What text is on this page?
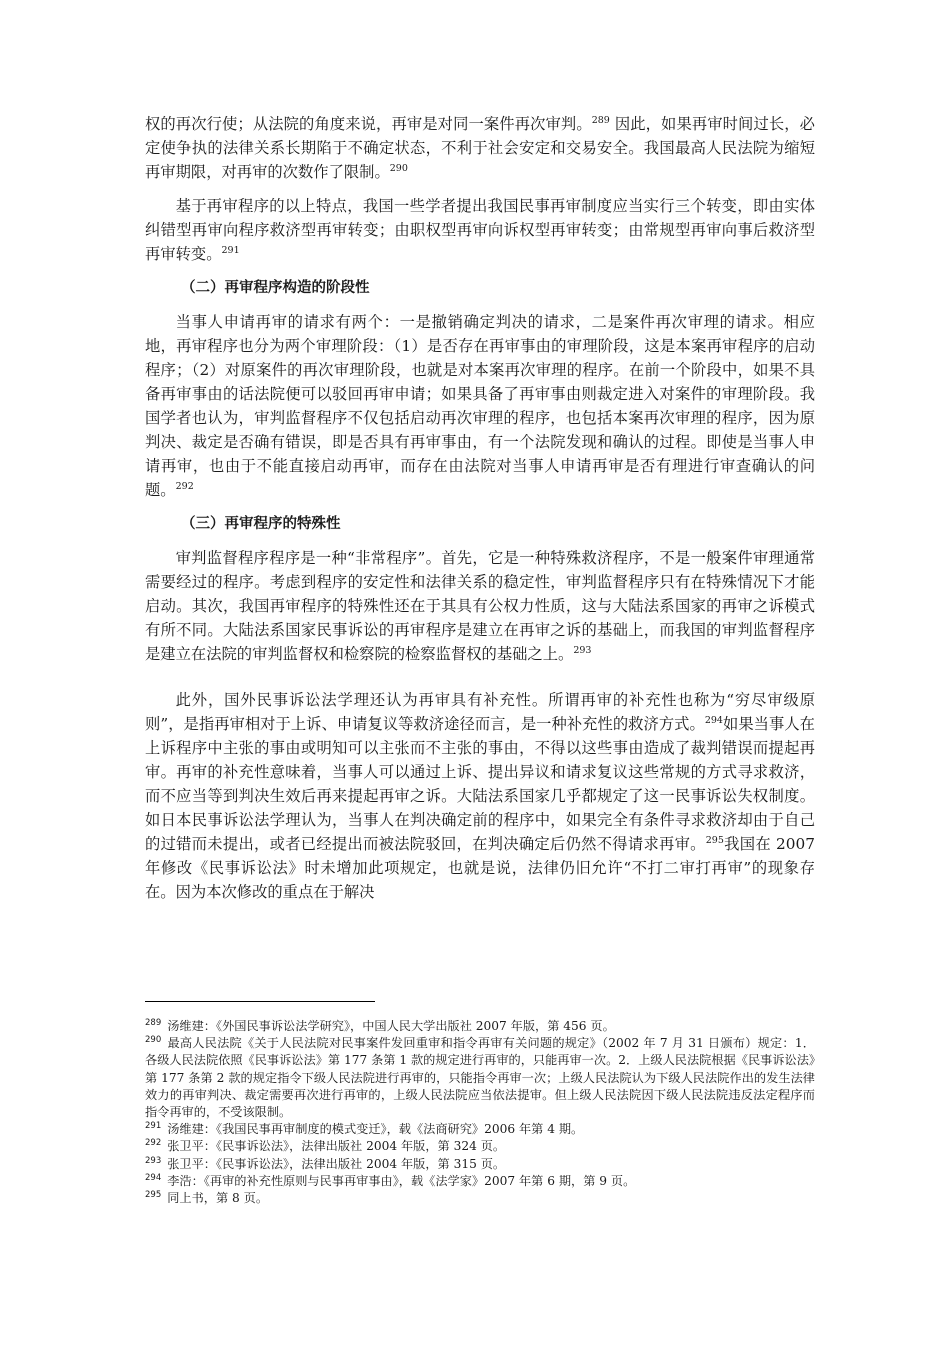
权的再次行使；从法院的角度来说，再审是对同一案件再次审判。$^{289}$ 因此，如果再审时间过长，必定使争执的法律关系长期陷于不确定状态，不利于社会安定和交易安全。我国最高人民法院为缩短再审期限，对再审的次数作了限制。$^{290}$

基于再审程序的以上特点，我国一些学者提出我国民事再审制度应当实行三个转变，即由实体纠错型再审向程序救济型再审转变；由职权型再审向诉权型再审转变；由常规型再审向事后救济型再审转变。$^{291}$

（二）再审程序构造的阶段性

当事人申请再审的请求有两个：一是撤销确定判决的请求，二是案件再次审理的请求。相应地，再审程序也分为两个审理阶段：（1）是否存在再审事由的审理阶段，这是本案再审程序的启动程序；（2）对原案件的再次审理阶段，也就是对本案再次审理的程序。在前一个阶段中，如果不具备再审事由的话法院便可以驳回再审申请；如果具备了再审事由则裁定进入对案件的审理阶段。我国学者也认为，审判监督程序不仅包括启动再次审理的程序，也包括本案再次审理的程序，因为原判决、裁定是否确有错误，即是否具有再审事由，有一个法院发现和确认的过程。即使是当事人申请再审，也由于不能直接启动再审，而存在由法院对当事人申请再审是否有理进行审查确认的问题。$^{292}$

（三）再审程序的特殊性

审判监督程序程序是一种“非常程序”。首先，它是一种特殊救济程序，不是一般案件审理通常需要经过的程序。考虑到程序的安定性和法律关系的稳定性，审判监督程序只有在特殊情况下才能启动。其次，我国再审程序的特殊性还在于其具有公权力性质，这与大陆法系国家的再审之诉模式有所不同。大陆法系国家民事诉讼的再审程序是建立在再审之诉的基础上，而我国的审判监督程序是建立在法院的审判监督权和检察院的检察监督权的基础之上。$^{293}$

此外，国外民事诉讼法学理还认为再审具有补充性。所谓再审的补充性也称为“穷尽审级原则”，是指再审相对于上诉、申请复议等救济途径而言，是一种补充性的救济方式。$^{294}$如果当事人在上诉程序中主张的事由或明知可以主张而不主张的事由，不得以这些事由造成了裁判错误而提起再审。再审的补充性意味着，当事人可以通过上诉、提出异议和请求复议这些常规的方式寻求救济，而不应当等到判决生效后再来提起再审之诉。大陆法系国家几乎都规定了这一民事诉讼失权制度。如日本民事诉讼法学理认为，当事人在判决确定前的程序中，如果完全有条件寻求救济却由于自己的过错而未提出，或者已经提出而被法院驳回，在判决确定后仍然不得请求再审。$^{295}$我国在 2007 年修改《民事诉讼法》时未增加此项规定，也就是说，法律仍旧允许“不打二审打再审”的现象存在。因为本次修改的重点在于解决

$^{289}$ 汤维建：《外国民事诉讼法学研究》，中国人民大学出版社 2007 年版，第 456 页。

$^{290}$ 最高人民法院《关于人民法院对民事案件发回重审和指令再审有关问题的规定》（2002 年 7 月 31 日颁布）规定：1．各级人民法院依照《民事诉讼法》第 177 条第 1 款的规定进行再审的，只能再审一次。2．上级人民法院根据《民事诉讼法》第 177 条第 2 款的规定指令下级人民法院进行再审的，只能指令再审一次；上级人民法院认为下级人民法院作出的发生法律效力的再审判决、裁定需要再次进行再审的，上级人民法院应当依法提审。但上级人民法院因下级人民法院违反法定程序而指令再审的，不受该限制。

$^{291}$ 汤维建：《我国民事再审制度的模式变迁》，载《法商研究》2006 年第 4 期。

$^{292}$ 张卫平：《民事诉讼法》，法律出版社 2004 年版，第 324 页。

$^{293}$ 张卫平：《民事诉讼法》，法律出版社 2004 年版，第 315 页。

$^{294}$ 李浩：《再审的补充性原则与民事再审事由》，载《法学家》2007 年第 6 期，第 9 页。

$^{295}$ 同上书，第 8 页。
